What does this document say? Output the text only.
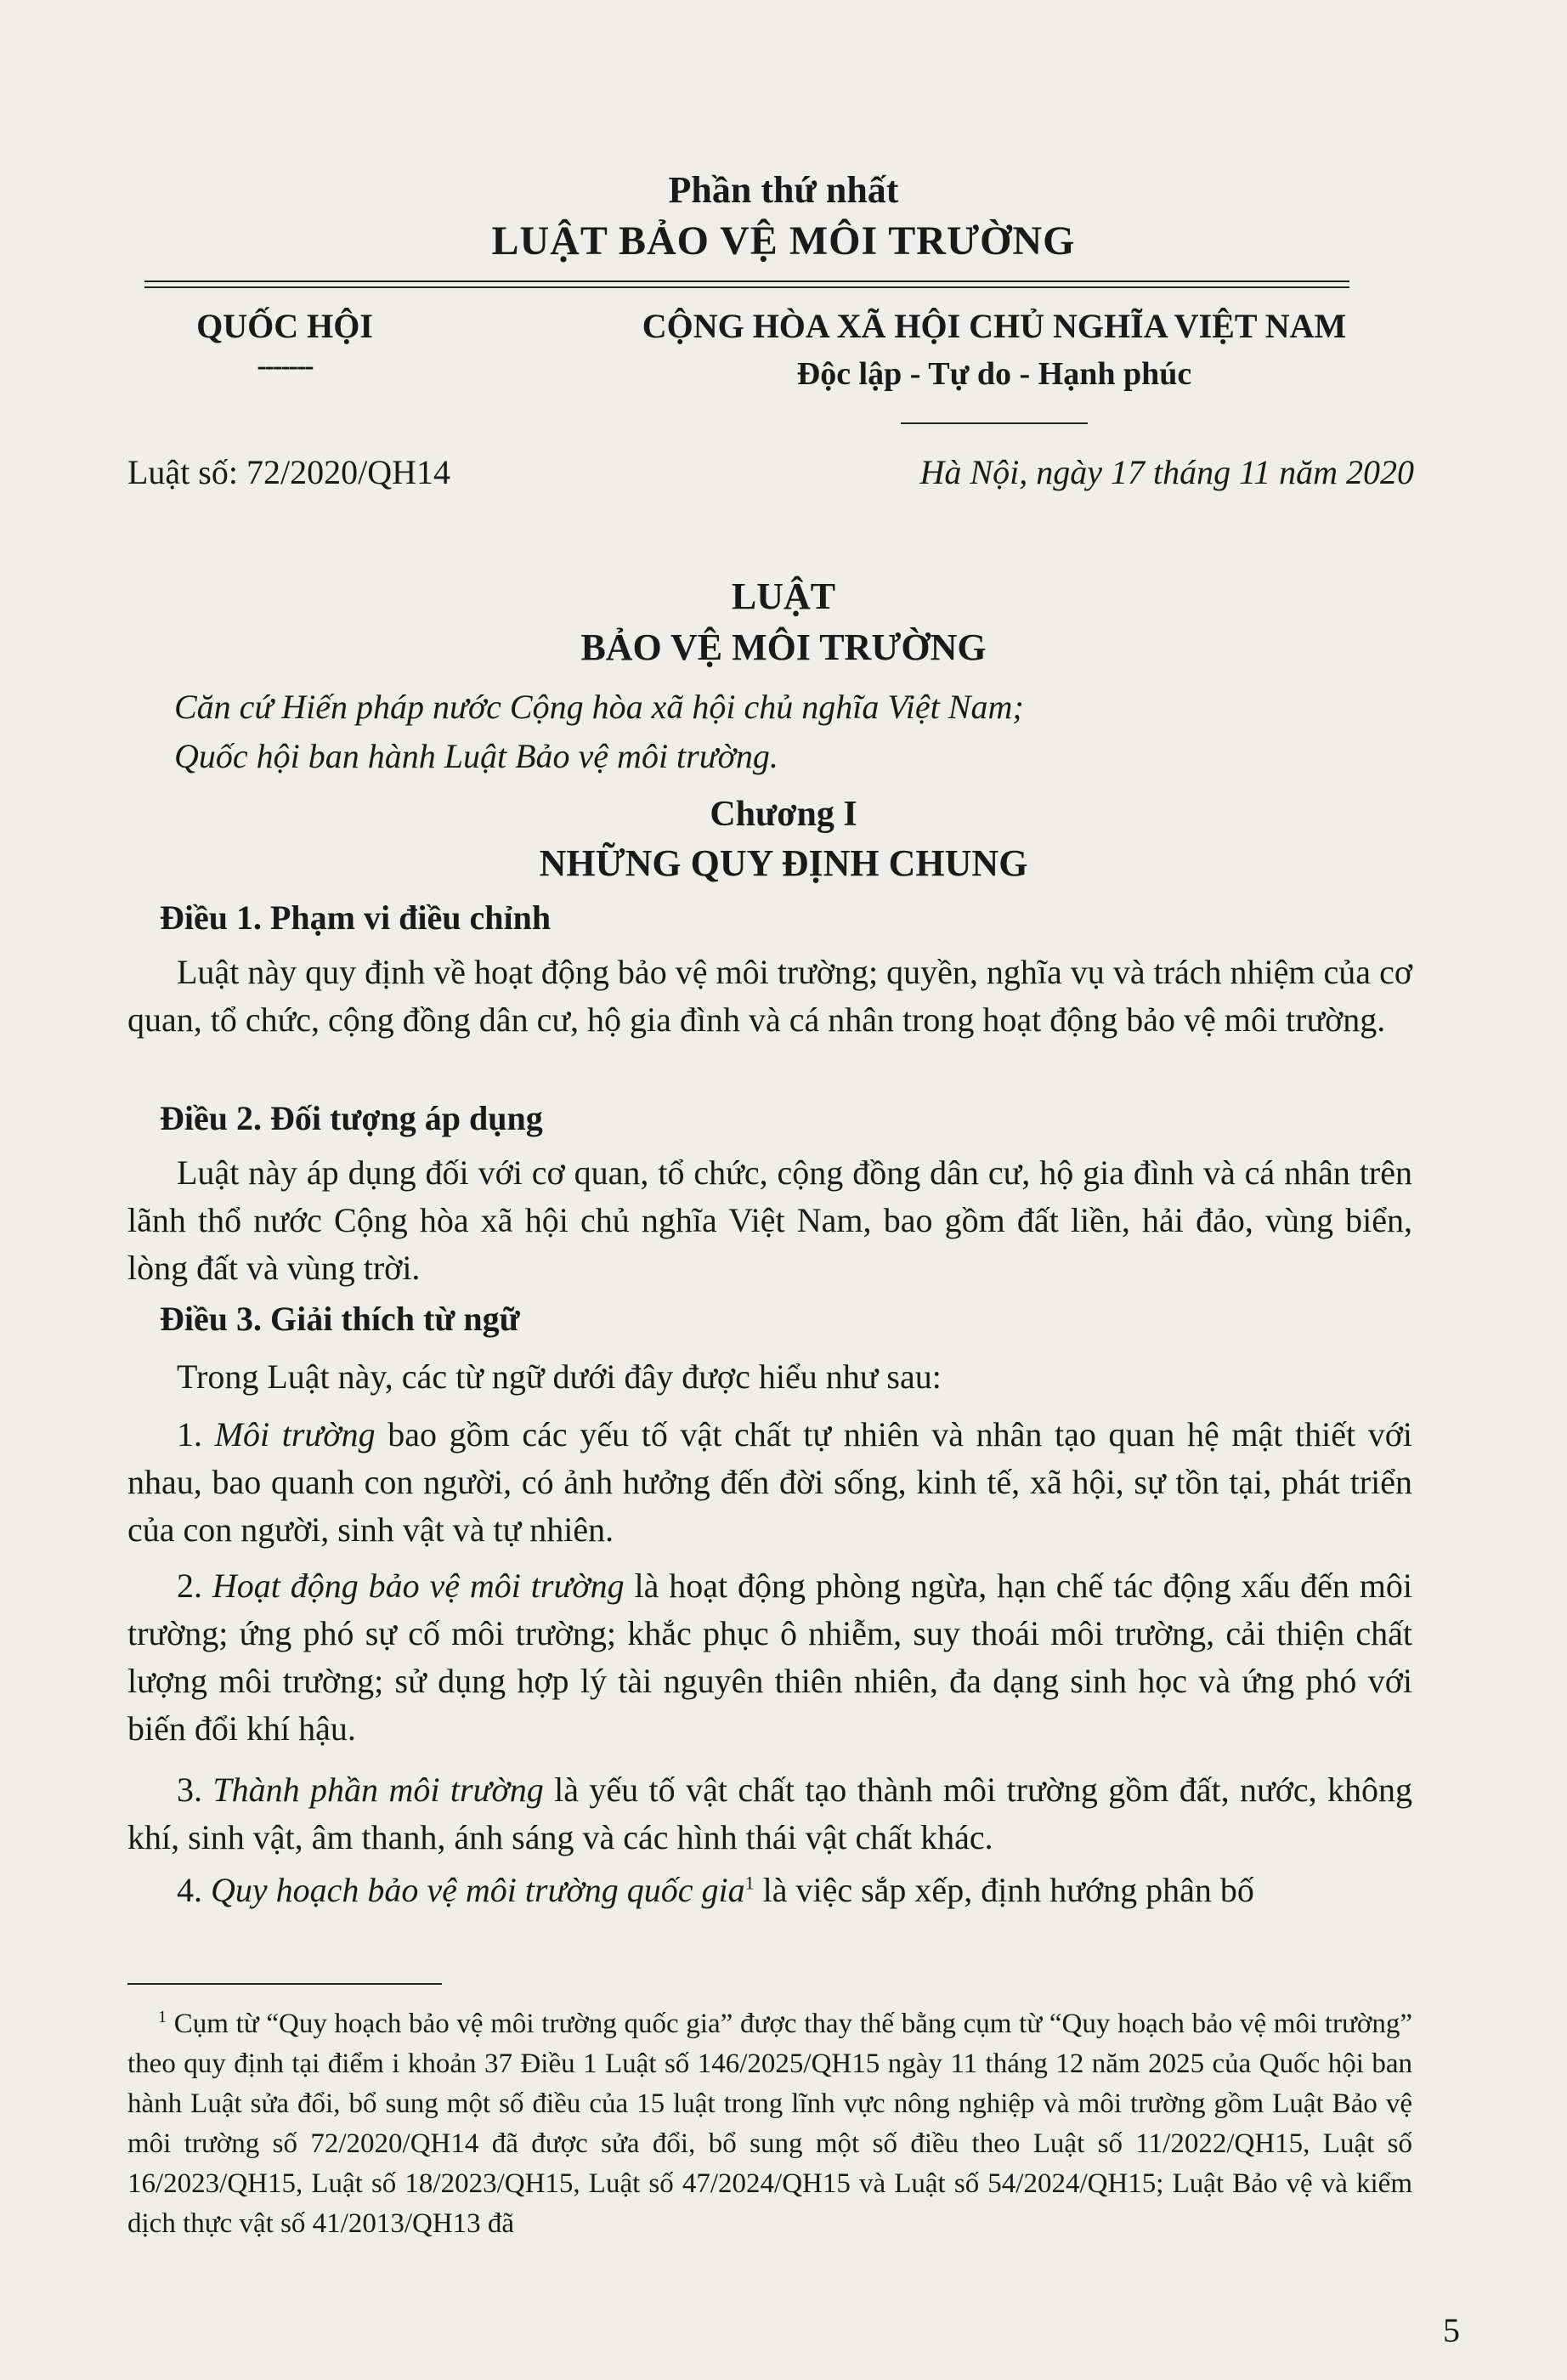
Phần thứ nhất
LUẬT BẢO VỆ MÔI TRƯỜNG
QUỐC HỘI	CỘNG HÒA XÃ HỘI CHỦ NGHĨA VIỆT NAM
-------	Độc lập - Tự do - Hạnh phúc
Luật số: 72/2020/QH14	Hà Nội, ngày 17 tháng 11 năm 2020
LUẬT
BẢO VỆ MÔI TRƯỜNG
Căn cứ Hiến pháp nước Cộng hòa xã hội chủ nghĩa Việt Nam;
Quốc hội ban hành Luật Bảo vệ môi trường.
Chương I
NHỮNG QUY ĐỊNH CHUNG
Điều 1. Phạm vi điều chỉnh

Luật này quy định về hoạt động bảo vệ môi trường; quyền, nghĩa vụ và trách nhiệm của cơ quan, tổ chức, cộng đồng dân cư, hộ gia đình và cá nhân trong hoạt động bảo vệ môi trường.

Điều 2. Đối tượng áp dụng

Luật này áp dụng đối với cơ quan, tổ chức, cộng đồng dân cư, hộ gia đình và cá nhân trên lãnh thổ nước Cộng hòa xã hội chủ nghĩa Việt Nam, bao gồm đất liền, hải đảo, vùng biển, lòng đất và vùng trời.

Điều 3. Giải thích từ ngữ

Trong Luật này, các từ ngữ dưới đây được hiểu như sau:

1. Môi trường bao gồm các yếu tố vật chất tự nhiên và nhân tạo quan hệ mật thiết với nhau, bao quanh con người, có ảnh hưởng đến đời sống, kinh tế, xã hội, sự tồn tại, phát triển của con người, sinh vật và tự nhiên.

2. Hoạt động bảo vệ môi trường là hoạt động phòng ngừa, hạn chế tác động xấu đến môi trường; ứng phó sự cố môi trường; khắc phục ô nhiễm, suy thoái môi trường, cải thiện chất lượng môi trường; sử dụng hợp lý tài nguyên thiên nhiên, đa dạng sinh học và ứng phó với biến đổi khí hậu.

3. Thành phần môi trường là yếu tố vật chất tạo thành môi trường gồm đất, nước, không khí, sinh vật, âm thanh, ánh sáng và các hình thái vật chất khác.

4. Quy hoạch bảo vệ môi trường quốc gia$^1$ là việc sắp xếp, định hướng phân bố

$^1$ Cụm từ “Quy hoạch bảo vệ môi trường quốc gia” được thay thế bằng cụm từ “Quy hoạch bảo vệ môi trường” theo quy định tại điểm i khoản 37 Điều 1 Luật số 146/2025/QH15 ngày 11 tháng 12 năm 2025 của Quốc hội ban hành Luật sửa đổi, bổ sung một số điều của 15 luật trong lĩnh vực nông nghiệp và môi trường gồm Luật Bảo vệ môi trường số 72/2020/QH14 đã được sửa đổi, bổ sung một số điều theo Luật số 11/2022/QH15, Luật số 16/2023/QH15, Luật số 18/2023/QH15, Luật số 47/2024/QH15 và Luật số 54/2024/QH15; Luật Bảo vệ và kiểm dịch thực vật số 41/2013/QH13 đã

5
